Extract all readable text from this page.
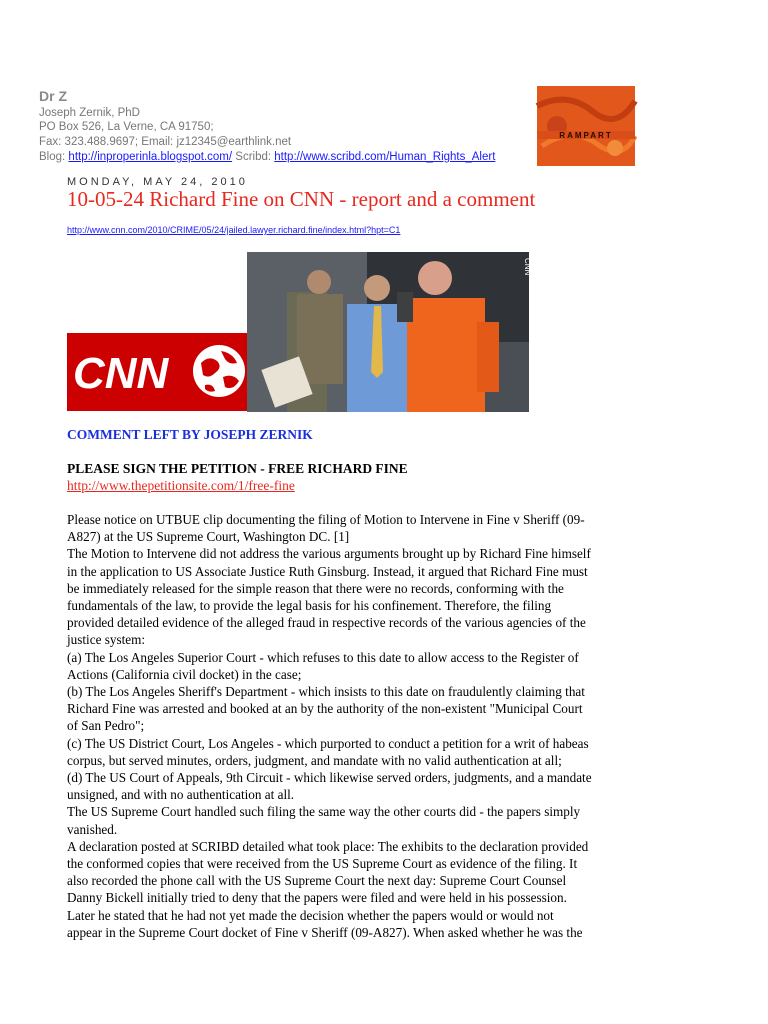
Dr Z
Joseph Zernik, PhD
PO Box 526, La Verne, CA 91750;
Fax: 323.488.9697; Email: jz12345@earthlink.net
Blog: http://inproperinla.blogspot.com/ Scribd: http://www.scribd.com/Human_Rights_Alert
RAMPART
MONDAY, MAY 24, 2010
10-05-24 Richard Fine on CNN - report and a comment
http://www.cnn.com/2010/CRIME/05/24/jailed.lawyer.richard.fine/index.html?hpt=C1
CNN
CNN
COMMENT LEFT BY JOSEPH ZERNIK
PLEASE SIGN THE PETITION - FREE RICHARD FINE
http://www.thepetitionsite.com/1/free-fine
Please notice on UTBUE clip documenting the filing of Motion to Intervene in Fine v Sheriff (09-
A827) at the US Supreme Court, Washington DC. [1]
The Motion to Intervene did not address the various arguments brought up by Richard Fine himself
in the application to US Associate Justice Ruth Ginsburg. Instead, it argued that Richard Fine must
be immediately released for the simple reason that there were no records, conforming with the
fundamentals of the law, to provide the legal basis for his confinement. Therefore, the filing
provided detailed evidence of the alleged fraud in respective records of the various agencies of the
justice system:
(a) The Los Angeles Superior Court - which refuses to this date to allow access to the Register of
Actions (California civil docket) in the case;
(b) The Los Angeles Sheriff's Department - which insists to this date on fraudulently claiming that
Richard Fine was arrested and booked at an by the authority of the non-existent "Municipal Court
of San Pedro";
(c) The US District Court, Los Angeles - which purported to conduct a petition for a writ of habeas
corpus, but served minutes, orders, judgment, and mandate with no valid authentication at all;
(d) The US Court of Appeals, 9th Circuit - which likewise served orders, judgments, and a mandate
unsigned, and with no authentication at all.
The US Supreme Court handled such filing the same way the other courts did - the papers simply
vanished.
A declaration posted at SCRIBD detailed what took place: The exhibits to the declaration provided
the conformed copies that were received from the US Supreme Court as evidence of the filing. It
also recorded the phone call with the US Supreme Court the next day: Supreme Court Counsel
Danny Bickell initially tried to deny that the papers were filed and were held in his possession.
Later he stated that he had not yet made the decision whether the papers would or would not
appear in the Supreme Court docket of Fine v Sheriff (09-A827). When asked whether he was the
